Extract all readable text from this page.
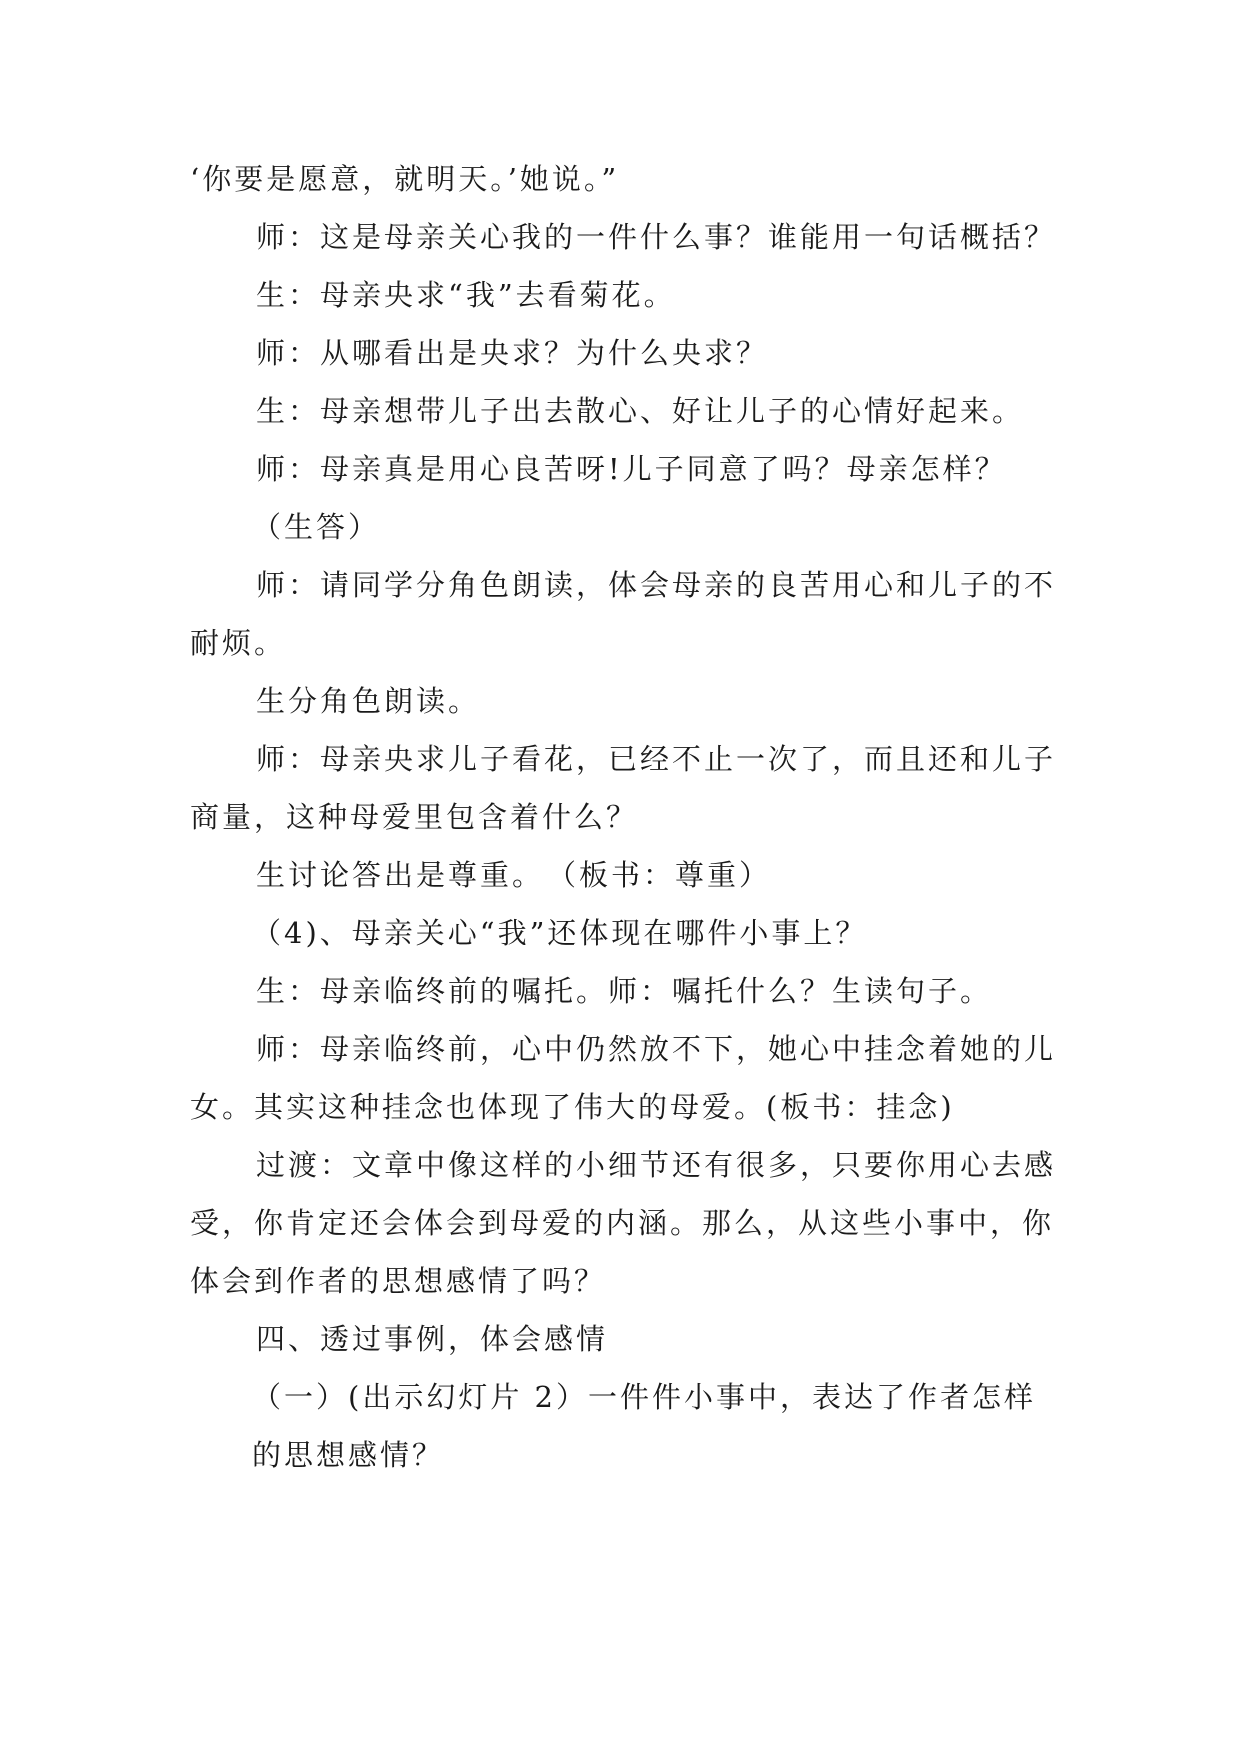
‘你要是愿意，就明天。’她说。”

师：这是母亲关心我的一件什么事？谁能用一句话概括？

生：母亲央求“我”去看菊花。

师：从哪看出是央求？为什么央求？

生：母亲想带儿子出去散心、好让儿子的心情好起来。

师：母亲真是用心良苦呀!儿子同意了吗？母亲怎样？

（生答）

师：请同学分角色朗读，体会母亲的良苦用心和儿子的不耐烦。

生分角色朗读。

师：母亲央求儿子看花，已经不止一次了，而且还和儿子商量，这种母爱里包含着什么？

生讨论答出是尊重。　（板书：尊重）

（4)、母亲关心“我”还体现在哪件小事上？

生：母亲临终前的嘱托。师：嘱托什么？生读句子。

师：母亲临终前，心中仍然放不下，她心中挂念着她的儿女。其实这种挂念也体现了伟大的母爱。(板书：挂念)

过渡：文章中像这样的小细节还有很多，只要你用心去感受，你肯定还会体会到母爱的内涵。那么，从这些小事中，你体会到作者的思想感情了吗？

四、透过事例，体会感情

（一）(出示幻灯片 2）一件件小事中，表达了作者怎样的思想感情？
